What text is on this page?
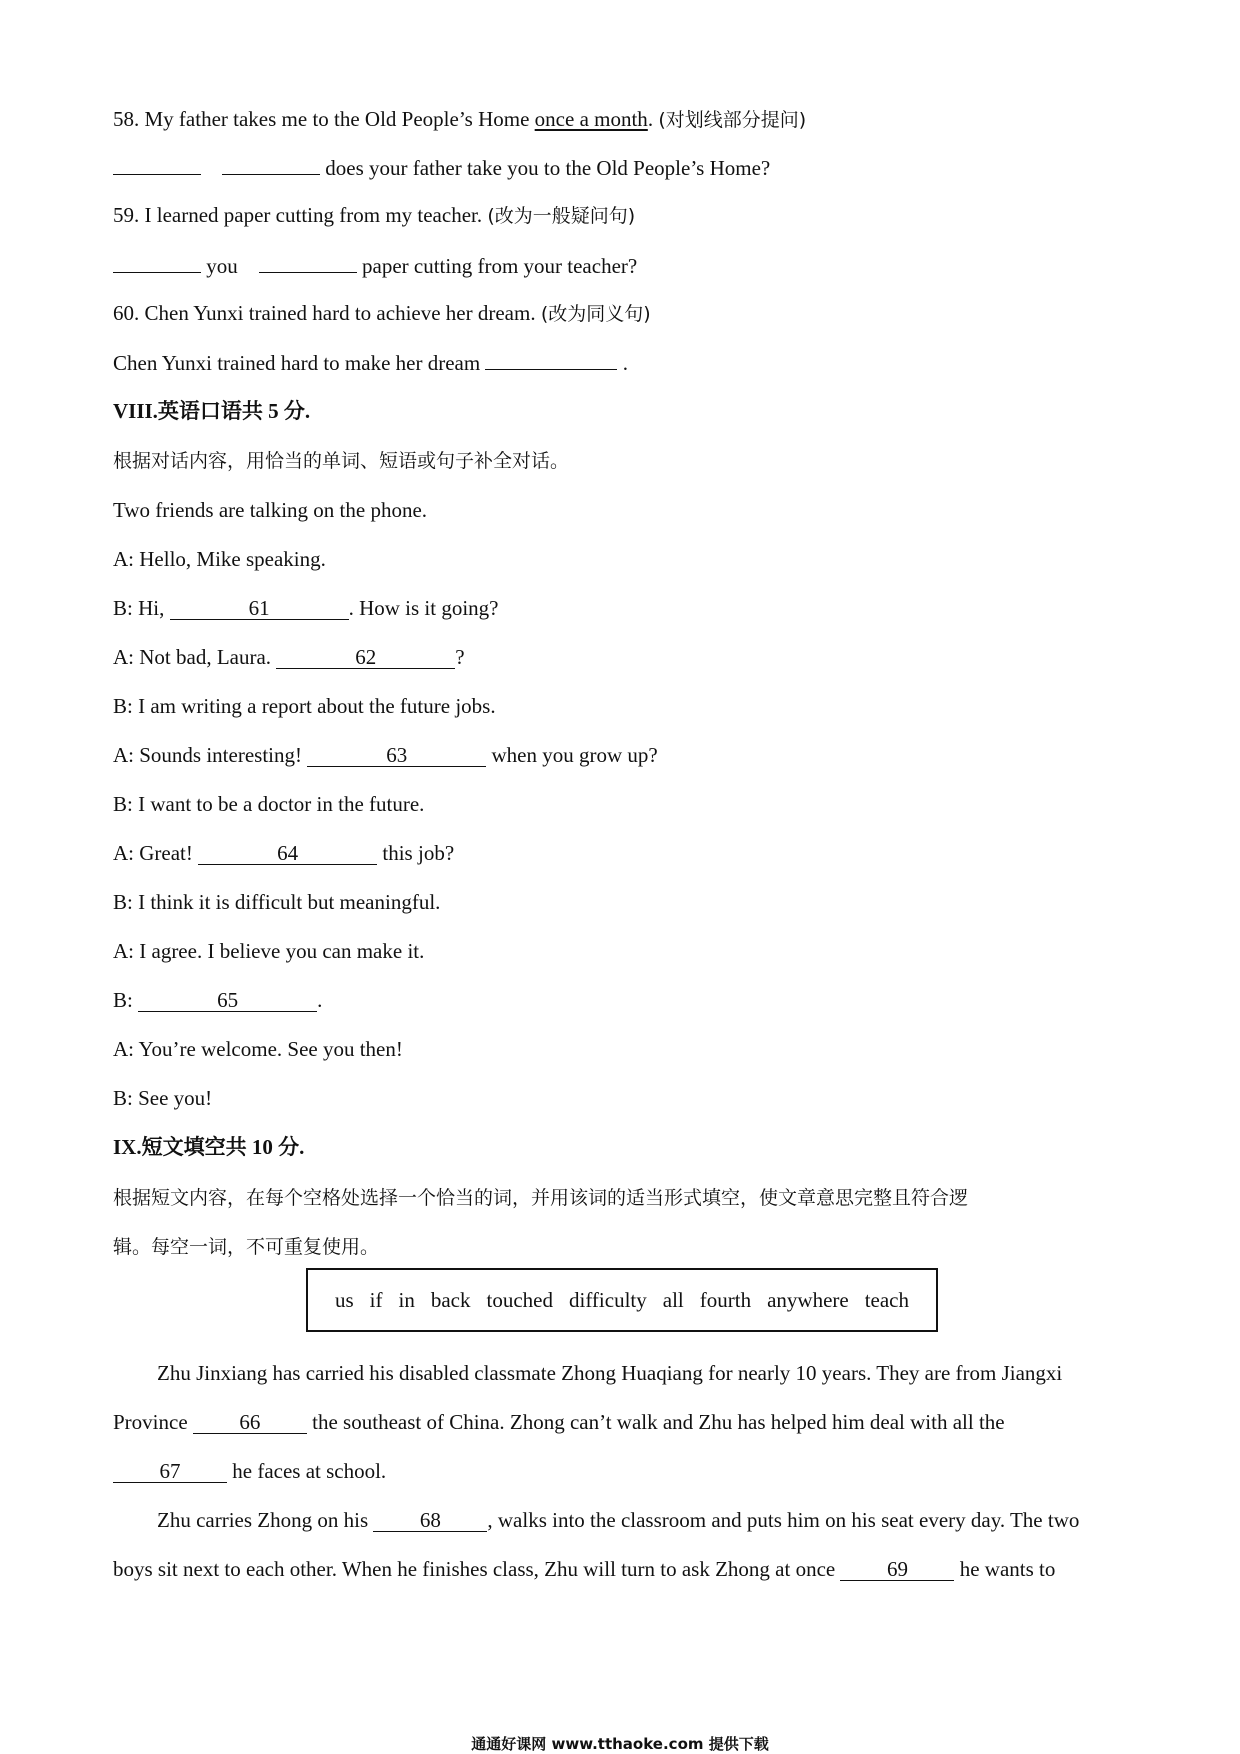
58. My father takes me to the Old People’s Home once a month. (对划线部分提问)
does your father take you to the Old People’s Home?
59. I learned paper cutting from my teacher. (改为一般疑问句)
you	paper cutting from your teacher?
60. Chen Yunxi trained hard to achieve her dream. (改为同义句)
Chen Yunxi trained hard to make her dream	.
VIII.英语口语共 5 分.
根据对话内容，用恰当的单词、短语或句子补全对话。
Two friends are talking on the phone.
A: Hello, Mike speaking.
B: Hi,	61	. How is it going?
A: Not bad, Laura.	62	?
B: I am writing a report about the future jobs.
A: Sounds interesting!	63	when you grow up?
B: I want to be a doctor in the future.
A: Great!	64	this job?
B: I think it is difficult but meaningful.
A: I agree. I believe you can make it.
B:	65	.
A: You’re welcome. See you then!
B: See you!
IX.短文填空共 10 分.
根据短文内容，在每个空格处选择一个恰当的词，并用该词的适当形式填空，使文章意思完整且符合逻
辑。每空一词，不可重复使用。
us if in back touched difficulty all fourth anywhere teach
Zhu Jinxiang has carried his disabled classmate Zhong Huaqiang for nearly 10 years. They are from Jiangxi
Province 66 the southeast of China. Zhong can’t walk and Zhu has helped him deal with all the
67 he faces at school.
Zhu carries Zhong on his 68 , walks into the classroom and puts him on his seat every day. The two
boys sit next to each other. When he finishes class, Zhu will turn to ask Zhong at once 69 he wants to
通通好课网 www.tthaoke.com 提供下载
